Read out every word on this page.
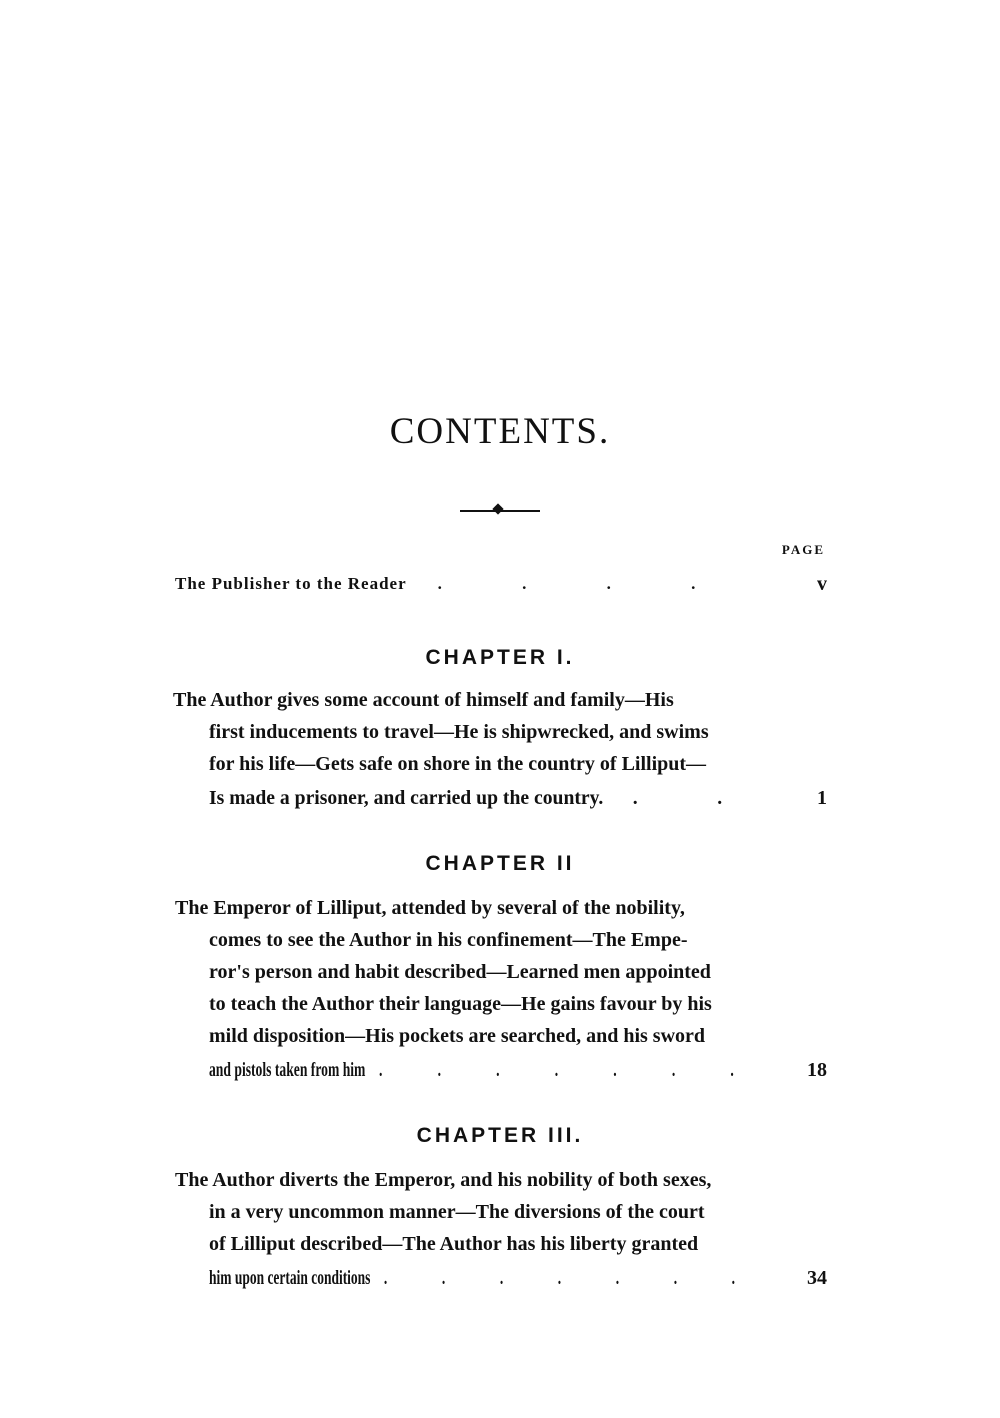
CONTENTS.
PAGE
The Publisher to the Reader . . . .	v
CHAPTER I.
The Author gives some account of himself and family—His
first inducements to travel—He is shipwrecked, and swims
for his life—Gets safe on shore in the country of Lilliput—
Is made a prisoner, and carried up the country. . .	1
CHAPTER II
The Emperor of Lilliput, attended by several of the nobility,
comes to see the Author in his confinement—The Empe-
ror's person and habit described—Learned men appointed
to teach the Author their language—He gains favour by his
mild disposition—His pockets are searched, and his sword
and pistols taken from him . . . . . . . 18
CHAPTER III.
The Author diverts the Emperor, and his nobility of both sexes,
in a very uncommon manner—The diversions of the court
of Lilliput described—The Author has his liberty granted
him upon certain conditions . . . . . . . 34
